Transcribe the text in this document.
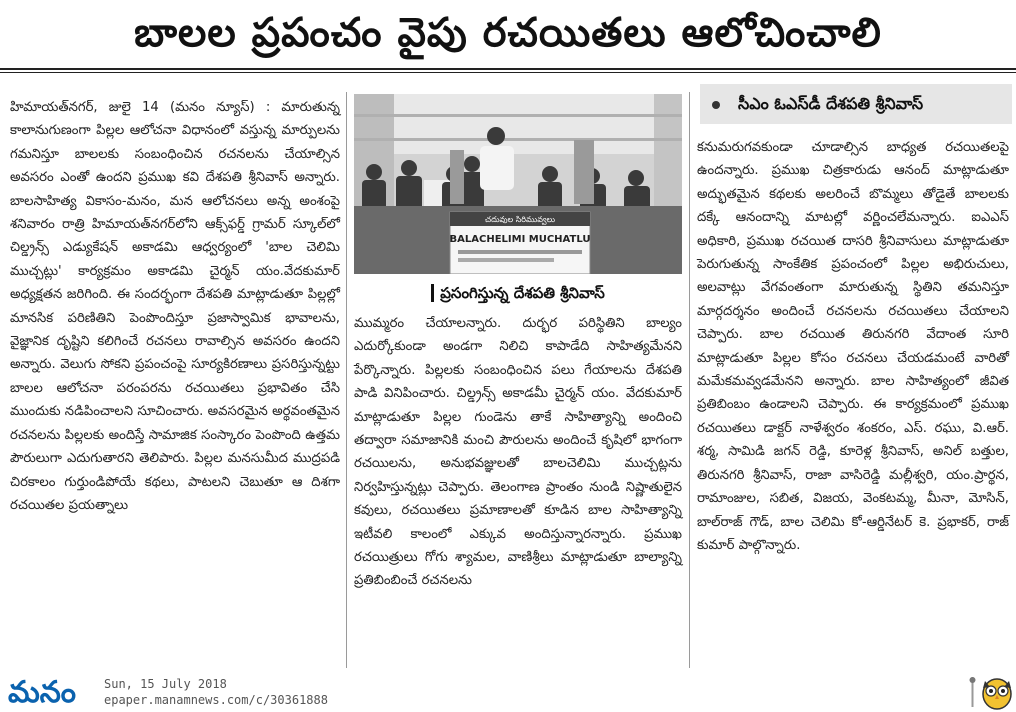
బాలల ప్రపంచం వైపు రచయితలు ఆలోచించాలి

హిమాయత్‌నగర్‌, జులై 14 (మనం న్యూస్‌) : మారుతున్న కాలానుగుణంగా పిల్లల ఆలోచనా విధానంలో వస్తున్న మార్పులను గమనిస్తూ బాలలకు సంబంధించిన రచనలను చేయాల్సిన అవసరం ఎంతో ఉందని ప్రముఖ కవి దేశపతి శ్రీనివాస్‌ అన్నారు. బాలసాహిత్య వికాసం-మనం, మన ఆలోచనలు అన్న అంశంపై శనివారం రాత్రి హిమాయత్‌నగర్‌లోని ఆక్స్‌ఫర్డ్‌ గ్రామర్‌ స్కూల్‌లో చిల్డ్రన్స్‌ ఎడ్యుకేషన్‌ అకాడమి ఆధ్వర్యంలో 'బాల చెలిమి ముచ్చట్లు' కార్యక్రమం అకాడమి చైర్మన్‌ యం.వేదకుమార్‌ అధ్యక్షతన జరిగింది. ఈ సందర్భంగా దేశపతి మాట్లాడుతూ పిల్లల్లో మానసిక పరిణితిని పెంపొందిస్తూ ప్రజాస్వామిక భావాలను, వైజ్ఞానిక దృష్టిని కలిగించే రచనలు రావాల్సిన అవసరం ఉందని అన్నారు. వెలుగు సోకని ప్రపంచంపై సూర్యకిరణాలు ప్రసరిస్తున్నట్టు బాలల ఆలోచనా పరంపరను రచయితలు ప్రభావితం చేసి ముందుకు నడిపించాలని సూచించారు. అవసరమైన అర్థవంతమైన రచనలను పిల్లలకు అందిస్తే సామాజిక సంస్కారం పెంపొంది ఉత్తమ పౌరులుగా ఎదుగుతారని తెలిపారు. పిల్లల మనసుమీద ముద్రపడి చిరకాలం గుర్తుండిపోయే కథలు, పాటలని చెబుతూ ఆ దిశగా రచయితల ప్రయత్నాలు

చదువుల సిరిమువ్వలు
BALACHELIMI MUCHATLU
ప్రసంగిస్తున్న దేశపతి శ్రీనివాస్‌

ముమ్మరం చేయాలన్నారు. దుర్భర పరిస్థితిని బాల్యం ఎదుర్కోకుండా అండగా నిలిచి కాపాడేది సాహిత్యమేనని పేర్కొన్నారు. పిల్లలకు సంబంధించిన పలు గేయాలను దేశపతి పాడి వినిపించారు. చిల్డ్రన్స్‌ అకాడమీ చైర్మన్‌ యం. వేదకుమార్‌ మాట్లాడుతూ పిల్లల గుండెను తాకే సాహిత్యాన్ని అందించి తద్వారా సమాజానికి మంచి పౌరులను అందించే కృషిలో భాగంగా రచయిలను, అనుభవజ్ఞులతో బాలచెలిమి ముచ్చట్లను నిర్వహిస్తున్నట్లు చెప్పారు. తెలంగాణ ప్రాంతం నుండి నిష్ణాతులైన కవులు, రచయితలు ప్రమాణాలతో కూడిన బాల సాహిత్యాన్ని ఇటీవలి కాలంలో ఎక్కువ అందిస్తున్నారన్నారు. ప్రముఖ రచయిత్రులు గోగు శ్యామల, వాణిశ్రీలు మాట్లాడుతూ బాల్యాన్ని ప్రతిబింబించే రచనలను

సీఎం ఓఎస్‌డీ దేశపతి శ్రీనివాస్‌

కనుమరుగవకుండా చూడాల్సిన బాధ్యత రచయితలపై ఉందన్నారు. ప్రముఖ చిత్రకారుడు ఆనంద్‌ మాట్లాడుతూ అద్భుతమైన కథలకు అలరించే బొమ్మలు తోడైతే బాలలకు దక్కే ఆనందాన్ని మాటల్లో వర్ణించలేమన్నారు. ఐఎఎస్‌ అధికారి, ప్రముఖ రచయిత దాసరి శ్రీనివాసులు మాట్లాడుతూ పెరుగుతున్న సాంకేతిక ప్రపంచంలో పిల్లల అభిరుచులు, అలవాట్లు వేగవంతంగా మారుతున్న స్థితిని తమనిస్తూ మార్గదర్శనం అందించే రచనలను రచయితలు చేయాలని చెప్పారు. బాల రచయిత తిరునగరి వేదాంత సూరి మాట్లాడుతూ పిల్లల కోసం రచనలు చేయడమంటే వారితో మమేకమవ్వడమేనని అన్నారు. బాల సాహిత్యంలో జీవిత ప్రతిబింబం ఉండాలని చెప్పారు. ఈ కార్యక్రమంలో ప్రముఖ రచయితలు డాక్టర్‌ నాళేశ్వరం శంకరం, ఎస్‌. రఘు, వి.ఆర్‌. శర్మ, సామిడి జగన్‌ రెడ్డి, కూరెళ్ల శ్రీనివాస్‌, అనిల్‌ బత్తుల, తిరునగరి శ్రీనివాస్‌, రాజా వాసిరెడ్డి మల్లీశ్వరి, యం.ప్రార్థన, రామాంజుల, సబిత, విజయ, వెంకటమ్మ, మీనా, మోసిన్‌, బాల్‌రాజ్‌ గౌడ్‌, బాల చెలిమి కో-ఆర్డినేటర్‌ కె. ప్రభాకర్‌, రాజ్‌ కుమార్‌ పాల్గొన్నారు.

మనం Sun, 15 July 2018
epaper.manamnews.com/c/30361888
